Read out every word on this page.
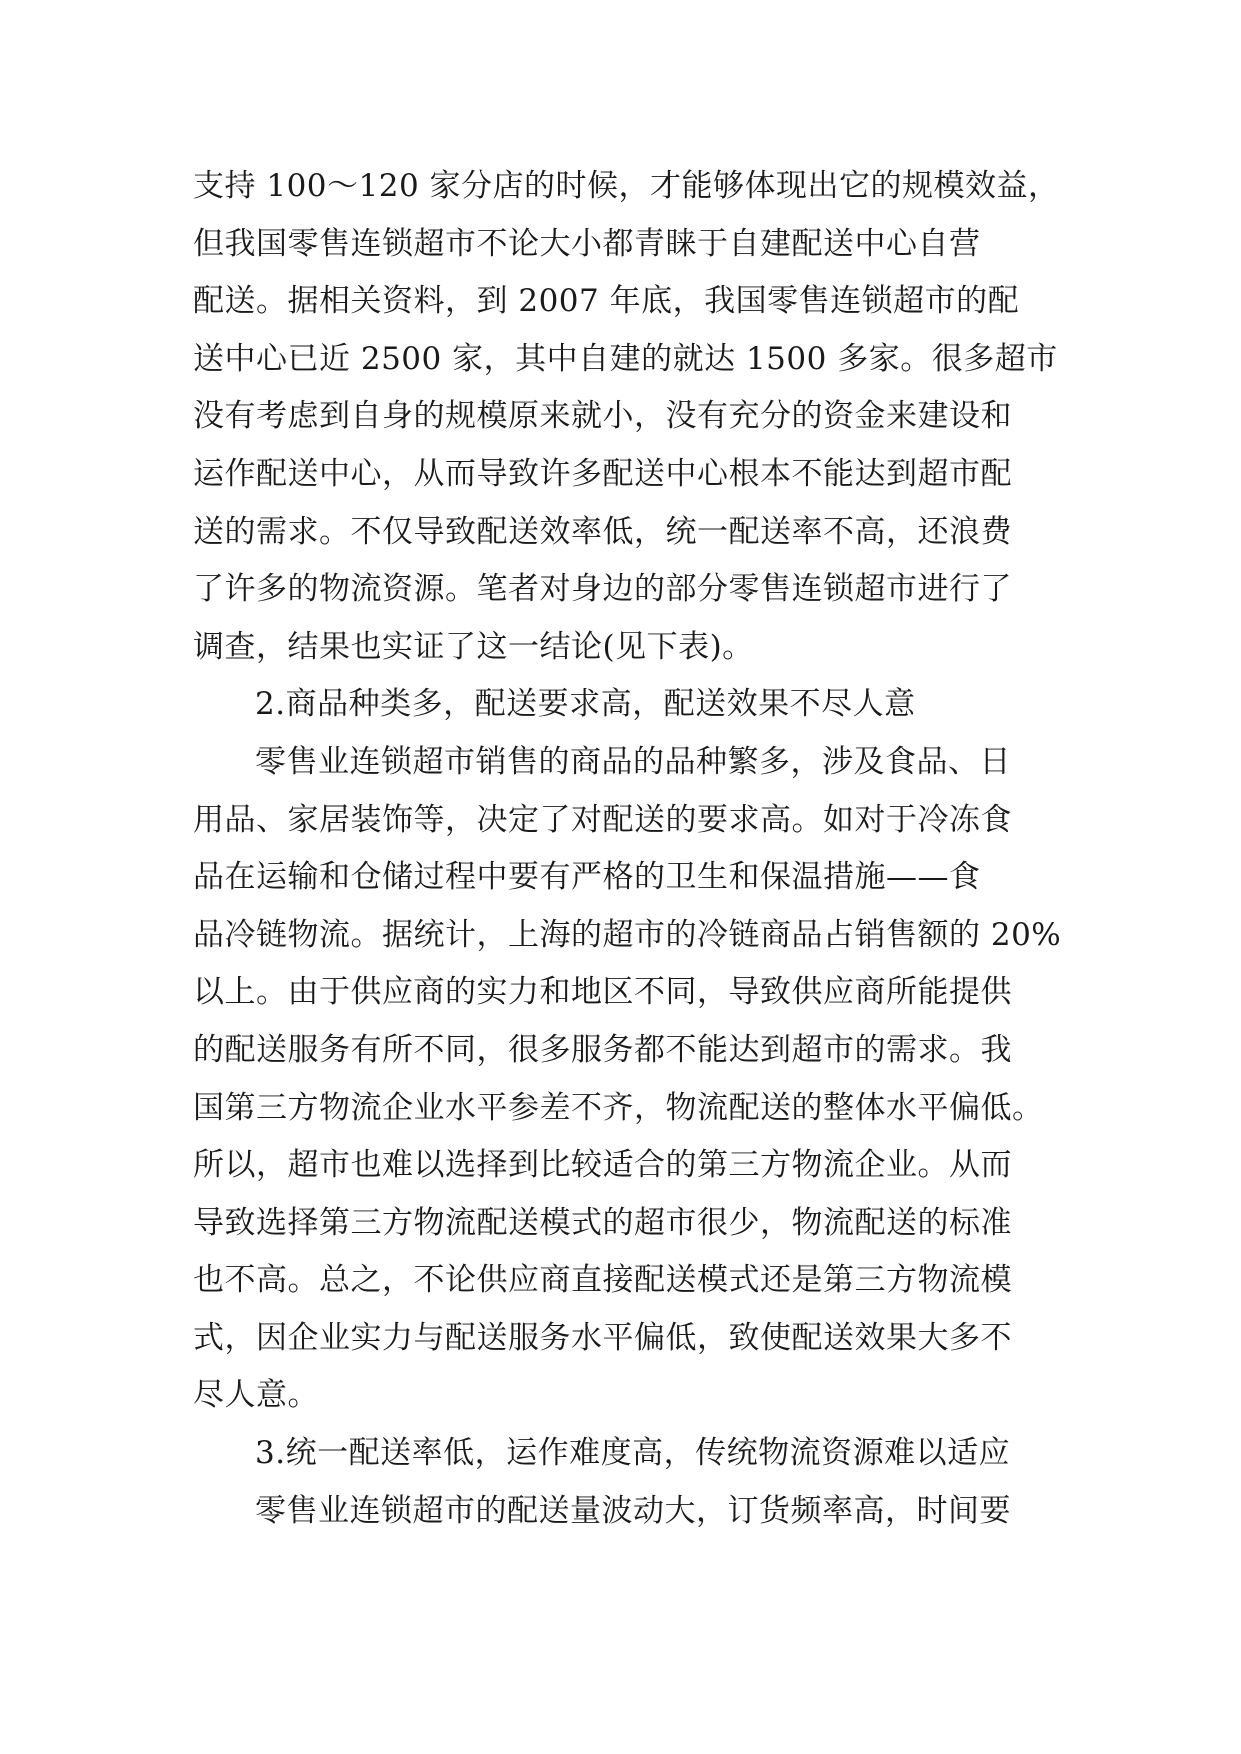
支持 100～120 家分店的时候，才能够体现出它的规模效益，
但我国零售连锁超市不论大小都青睐于自建配送中心自营
配送。据相关资料，到 2007 年底，我国零售连锁超市的配
送中心已近 2500 家，其中自建的就达 1500 多家。很多超市
没有考虑到自身的规模原来就小，没有充分的资金来建设和
运作配送中心，从而导致许多配送中心根本不能达到超市配
送的需求。不仅导致配送效率低，统一配送率不高，还浪费
了许多的物流资源。笔者对身边的部分零售连锁超市进行了
调查，结果也实证了这一结论(见下表)。
2.商品种类多，配送要求高，配送效果不尽人意
零售业连锁超市销售的商品的品种繁多，涉及食品、日
用品、家居装饰等，决定了对配送的要求高。如对于冷冻食
品在运输和仓储过程中要有严格的卫生和保温措施——食
品冷链物流。据统计，上海的超市的冷链商品占销售额的 20%
以上。由于供应商的实力和地区不同，导致供应商所能提供
的配送服务有所不同，很多服务都不能达到超市的需求。我
国第三方物流企业水平参差不齐，物流配送的整体水平偏低。
所以，超市也难以选择到比较适合的第三方物流企业。从而
导致选择第三方物流配送模式的超市很少，物流配送的标准
也不高。总之，不论供应商直接配送模式还是第三方物流模
式，因企业实力与配送服务水平偏低，致使配送效果大多不
尽人意。
3.统一配送率低，运作难度高，传统物流资源难以适应
零售业连锁超市的配送量波动大，订货频率高，时间要
